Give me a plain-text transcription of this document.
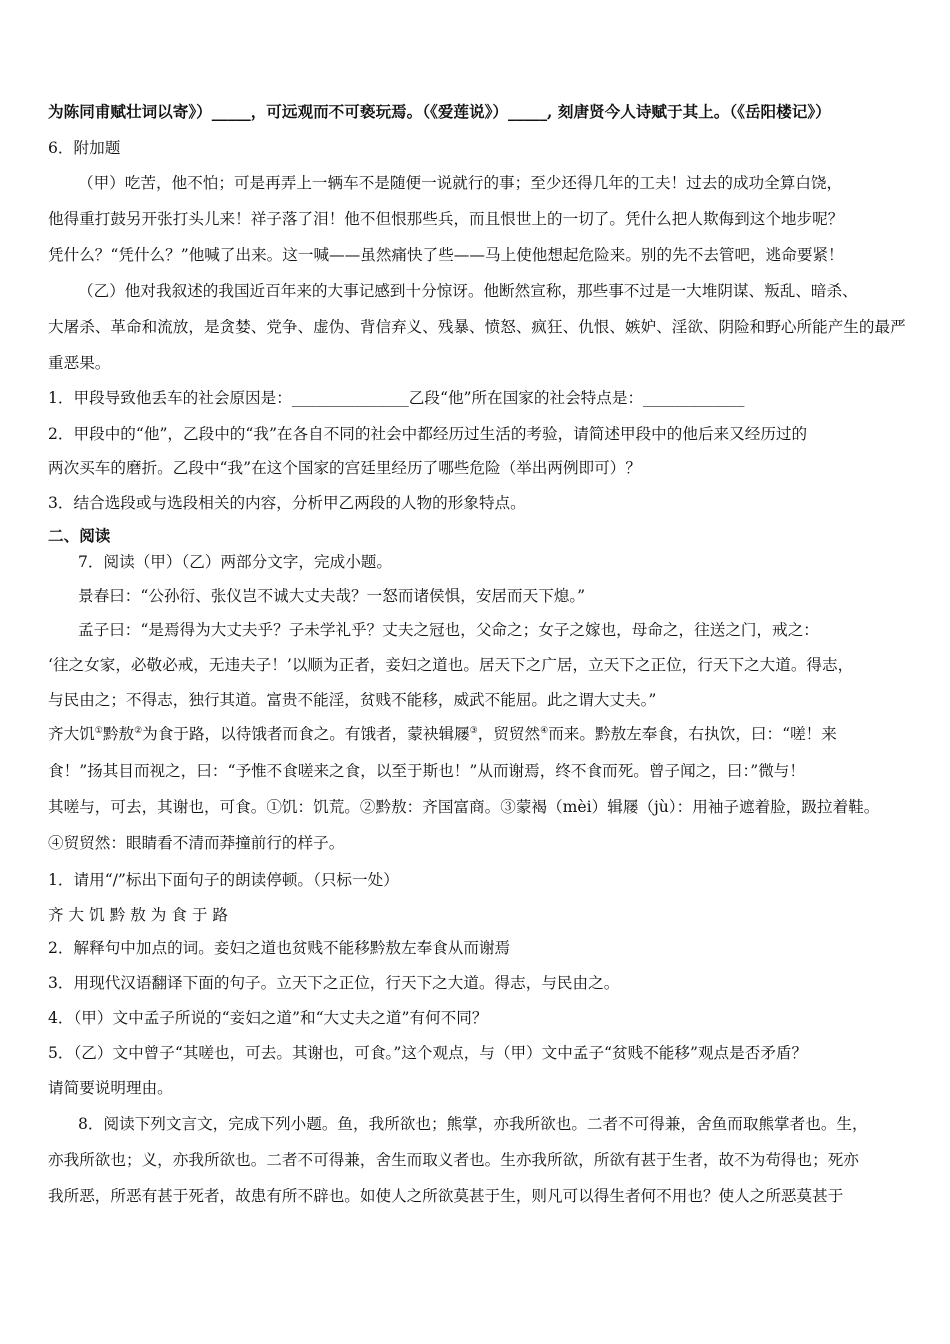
为陈同甫赋壮词以寄》）_____，可远观而不可亵玩焉。（《爱莲说》）_____, 刻唐贤今人诗赋于其上。（《岳阳楼记》）
6．附加题
（甲）吃苦，他不怕；可是再弄上一辆车不是随便一说就行的事；至少还得几年的工夫！过去的成功全算白饶，
他得重打鼓另开张打头儿来！祥子落了泪！他不但恨那些兵，而且恨世上的一切了。凭什么把人欺侮到这个地步呢？
凭什么？“凭什么？”他喊了出来。这一喊——虽然痛快了些——马上使他想起危险来。别的先不去管吧，逃命要紧！
（乙）他对我叙述的我国近百年来的大事记感到十分惊讶。他断然宣称，那些事不过是一大堆阴谋、叛乱、暗杀、
大屠杀、革命和流放，是贪婪、党争、虚伪、背信弃义、残暴、愤怒、疯狂、仇恨、嫉妒、淫欲、阴险和野心所能产生的最严
重恶果。
1．甲段导致他丢车的社会原因是：_______________乙段“他”所在国家的社会特点是：_____________
2．甲段中的“他”，乙段中的“我”在各自不同的社会中都经历过生活的考验，请简述甲段中的他后来又经历过的
两次买车的磨折。乙段中“我”在这个国家的宫廷里经历了哪些危险（举出两例即可）？
3．结合选段或与选段相关的内容，分析甲乙两段的人物的形象特点。
二、阅读
7．阅读（甲）（乙）两部分文字，完成小题。
景春曰：“公孙衍、张仪岂不诚大丈夫哉？一怒而诸侯惧，安居而天下熄。”
孟子曰：“是焉得为大丈夫乎？子未学礼乎？丈夫之冠也，父命之；女子之嫁也，母命之，往送之门，戒之：
‘往之女家，必敬必戒，无违夫子！’以顺为正者，妾妇之道也。居天下之广居，立天下之正位，行天下之大道。得志，
与民由之；不得志，独行其道。富贵不能淫，贫贱不能移，威武不能屈。此之谓大丈夫。”
齐大饥①黔敖②为食于路，以待饿者而食之。有饿者，蒙袂辑屦③，贸贸然④而来。黔敖左奉食，右执饮，曰：“嗟！来
食！”扬其目而视之，曰：“予惟不食嗟来之食，以至于斯也！”从而谢焉，终不食而死。曾子闻之，曰：”微与！
其嗟与，可去，其谢也，可食。①饥：饥荒。②黔敖：齐国富商。③蒙褐（mèi）辑屦（jù）：用袖子遮着脸，趿拉着鞋。
④贸贸然：眼睛看不清而莽撞前行的样子。
1．请用“/”标出下面句子的朗读停顿。（只标一处）
齐 大 饥 黔 敖 为 食 于 路
2．解释句中加点的词。妾妇之道也贫贱不能移黔敖左奉食从而谢焉
3．用现代汉语翻译下面的句子。立天下之正位，行天下之大道。得志，与民由之。
4．（甲）文中孟子所说的“妾妇之道”和“大丈夫之道”有何不同？
5．（乙）文中曾子“其嗟也，可去。其谢也，可食。”这个观点，与（甲）文中孟子“贫贱不能移”观点是否矛盾？
请简要说明理由。
8．阅读下列文言文，完成下列小题。鱼，我所欲也；熊掌，亦我所欲也。二者不可得兼，舍鱼而取熊掌者也。生，
亦我所欲也；义，亦我所欲也。二者不可得兼，舍生而取义者也。生亦我所欲，所欲有甚于生者，故不为苟得也；死亦
我所恶，所恶有甚于死者，故患有所不辟也。如使人之所欲莫甚于生，则凡可以得生者何不用也？使人之所恶莫甚于
